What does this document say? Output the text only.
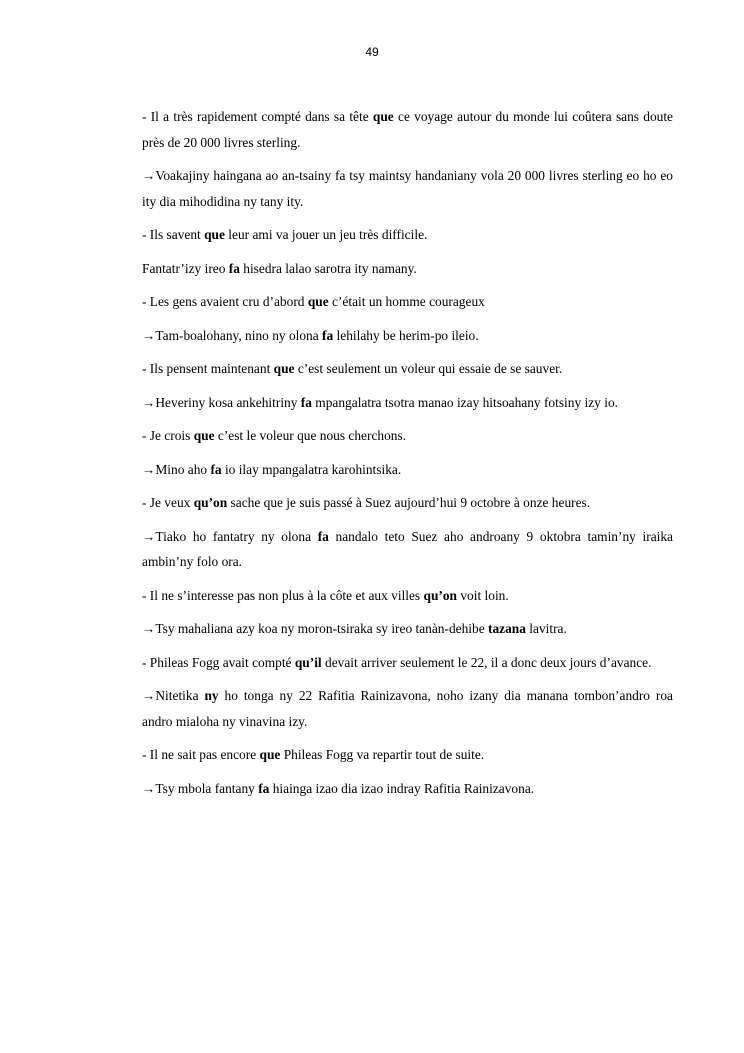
49

- Il a très rapidement compté dans sa tête que ce voyage autour du monde lui coûtera sans doute près de 20 000 livres sterling.

→Voakajiny haingana ao an-tsainy fa tsy maintsy handaniany vola 20 000 livres sterling eo ho eo ity dia mihodidina ny tany ity.

- Ils savent que leur ami va jouer un jeu très difficile.

Fantatr’izy ireo fa hisedra lalao sarotra ity namany.

- Les gens avaient cru d’abord que c’était un homme courageux

→Tam-boalohany, nino ny olona fa lehilahy be herim-po ileio.

- Ils pensent maintenant que c’est seulement un voleur qui essaie de se sauver.

→Heveriny kosa ankehitriny fa mpangalatra tsotra manao izay hitsoahany fotsiny izy io.

- Je crois que c’est le voleur que nous cherchons.

→Mino aho fa io ilay mpangalatra karohintsika.

- Je veux qu’on sache que je suis passé à Suez aujourd’hui 9 octobre à onze heures.

→Tiako ho fantatry ny olona fa nandalo teto Suez aho androany 9 oktobra tamin’ny iraika ambin’ny folo ora.

- Il ne s’interesse pas non plus à la côte et aux villes qu’on voit loin.

→Tsy mahaliana azy koa ny moron-tsiraka sy ireo tanàn-dehibe tazana lavitra.

- Phileas Fogg avait compté qu’il devait arriver seulement le 22, il a donc deux jours d’avance.

→Nitetika ny ho tonga ny 22 Rafitia Rainizavona, noho izany dia manana tombon’andro roa andro mialoha ny vinavina izy.

- Il ne sait pas encore que Phileas Fogg va repartir tout de suite.

→Tsy mbola fantany fa hiainga izao dia izao indray Rafitia Rainizavona.
